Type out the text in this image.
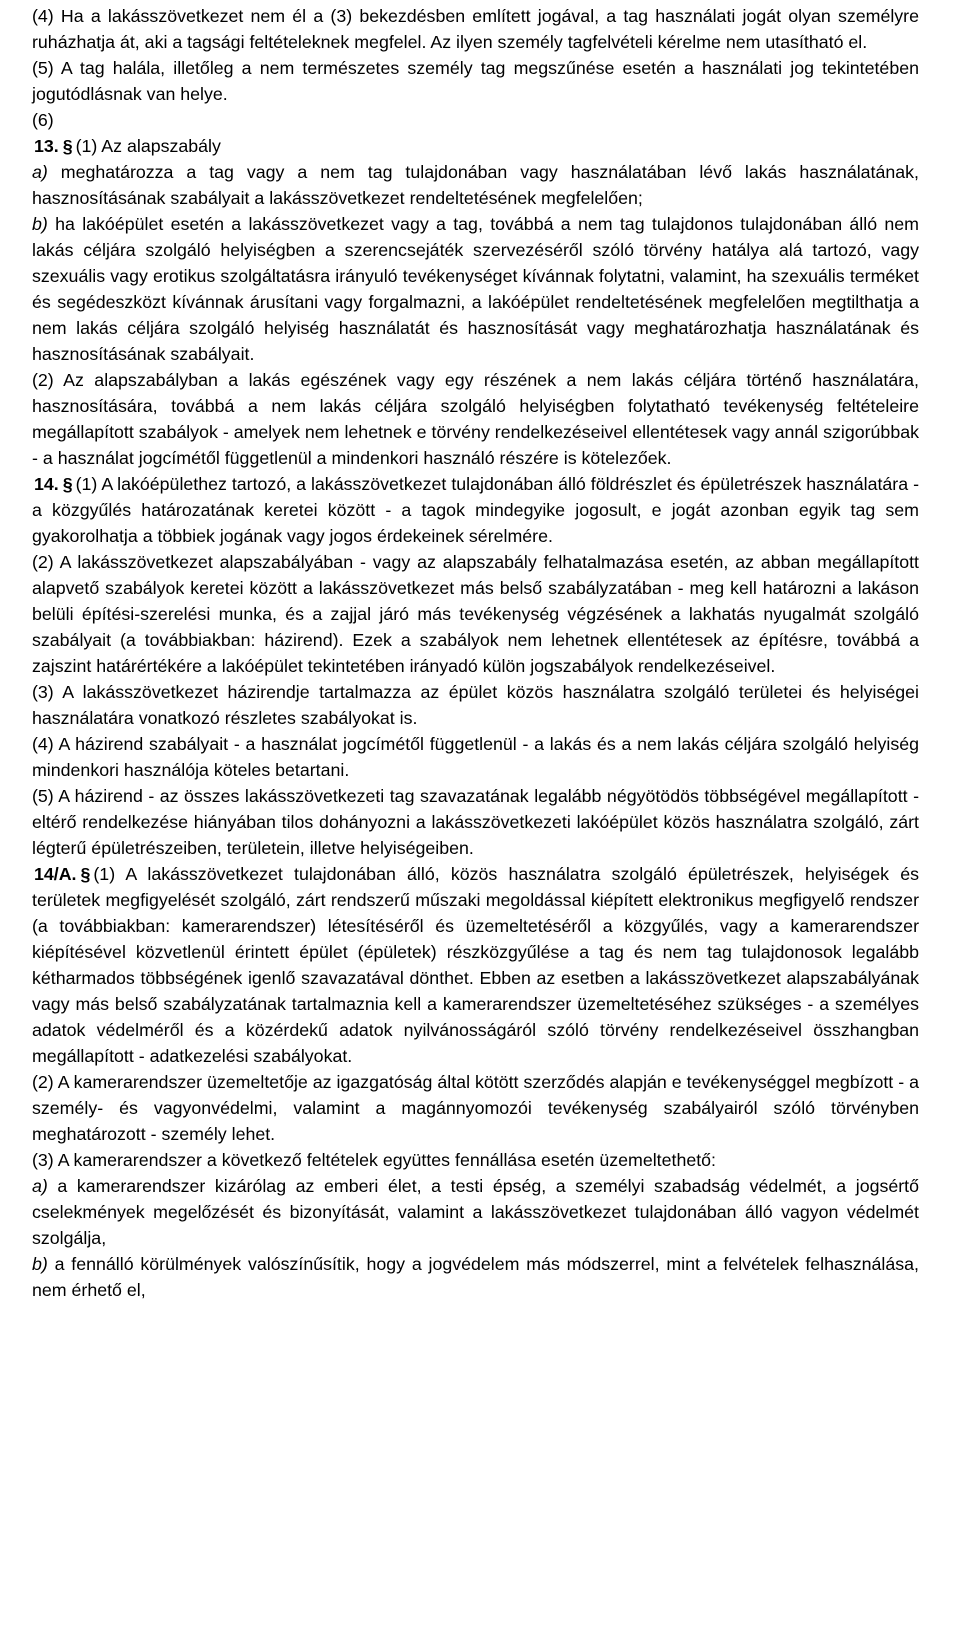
(4) Ha a lakásszövetkezet nem él a (3) bekezdésben említett jogával, a tag használati jogát olyan személyre ruházhatja át, aki a tagsági feltételeknek megfelel. Az ilyen személy tagfelvételi kérelme nem utasítható el.

(5) A tag halála, illetőleg a nem természetes személy tag megszűnése esetén a használati jog tekintetében jogutódlásnak van helye.

(6)

13. § (1) Az alapszabály

a) meghatározza a tag vagy a nem tag tulajdonában vagy használatában lévő lakás használatának, hasznosításának szabályait a lakásszövetkezet rendeltetésének megfelelően;

b) ha lakóépület esetén a lakásszövetkezet vagy a tag, továbbá a nem tag tulajdonos tulajdonában álló nem lakás céljára szolgáló helyiségben a szerencsejáték szervezéséről szóló törvény hatálya alá tartozó, vagy szexuális vagy erotikus szolgáltatásra irányuló tevékenységet kívánnak folytatni, valamint, ha szexuális terméket és segédeszközt kívánnak árusítani vagy forgalmazni, a lakóépület rendeltetésének megfelelően megtilthatja a nem lakás céljára szolgáló helyiség használatát és hasznosítását vagy meghatározhatja használatának és hasznosításának szabályait.

(2) Az alapszabályban a lakás egészének vagy egy részének a nem lakás céljára történő használatára, hasznosítására, továbbá a nem lakás céljára szolgáló helyiségben folytatható tevékenység feltételeire megállapított szabályok - amelyek nem lehetnek e törvény rendelkezéseivel ellentétesek vagy annál szigorúbbak - a használat jogcímétől függetlenül a mindenkori használó részére is kötelezőek.

14. § (1) A lakóépülethez tartozó, a lakásszövetkezet tulajdonában álló földrészlet és épületrészek használatára - a közgyűlés határozatának keretei között - a tagok mindegyike jogosult, e jogát azonban egyik tag sem gyakorolhatja a többiek jogának vagy jogos érdekeinek sérelmére.

(2) A lakásszövetkezet alapszabályában - vagy az alapszabály felhatalmazása esetén, az abban megállapított alapvető szabályok keretei között a lakásszövetkezet más belső szabályzatában - meg kell határozni a lakáson belüli építési-szerelési munka, és a zajjal járó más tevékenység végzésének a lakhatás nyugalmát szolgáló szabályait (a továbbiakban: házirend). Ezek a szabályok nem lehetnek ellentétesek az építésre, továbbá a zajszint határértékére a lakóépület tekintetében irányadó külön jogszabályok rendelkezéseivel.

(3) A lakásszövetkezet házirendje tartalmazza az épület közös használatra szolgáló területei és helyiségei használatára vonatkozó részletes szabályokat is.

(4) A házirend szabályait - a használat jogcímétől függetlenül - a lakás és a nem lakás céljára szolgáló helyiség mindenkori használója köteles betartani.

(5) A házirend - az összes lakásszövetkezeti tag szavazatának legalább négyötödös többségével megállapított - eltérő rendelkezése hiányában tilos dohányozni a lakásszövetkezeti lakóépület közös használatra szolgáló, zárt légterű épületrészeiben, területein, illetve helyiségeiben.

14/A. § (1) A lakásszövetkezet tulajdonában álló, közös használatra szolgáló épületrészek, helyiségek és területek megfigyelését szolgáló, zárt rendszerű műszaki megoldással kiépített elektronikus megfigyelő rendszer (a továbbiakban: kamerarendszer) létesítéséről és üzemeltetéséről a közgyűlés, vagy a kamerarendszer kiépítésével közvetlenül érintett épület (épületek) részközgyűlése a tag és nem tag tulajdonosok legalább kétharmados többségének igenlő szavazatával dönthet. Ebben az esetben a lakásszövetkezet alapszabályának vagy más belső szabályzatának tartalmaznia kell a kamerarendszer üzemeltetéséhez szükséges - a személyes adatok védelméről és a közérdekű adatok nyilvánosságáról szóló törvény rendelkezéseivel összhangban megállapított - adatkezelési szabályokat.

(2) A kamerarendszer üzemeltetője az igazgatóság által kötött szerződés alapján e tevékenységgel megbízott - a személy- és vagyonvédelmi, valamint a magánnyomozói tevékenység szabályairól szóló törvényben meghatározott - személy lehet.

(3) A kamerarendszer a következő feltételek együttes fennállása esetén üzemeltethető:

a) a kamerarendszer kizárólag az emberi élet, a testi épség, a személyi szabadság védelmét, a jogsértő cselekmények megelőzését és bizonyítását, valamint a lakásszövetkezet tulajdonában álló vagyon védelmét szolgálja,

b) a fennálló körülmények valószínűsítik, hogy a jogvédelem más módszerrel, mint a felvételek felhasználása, nem érhető el,
